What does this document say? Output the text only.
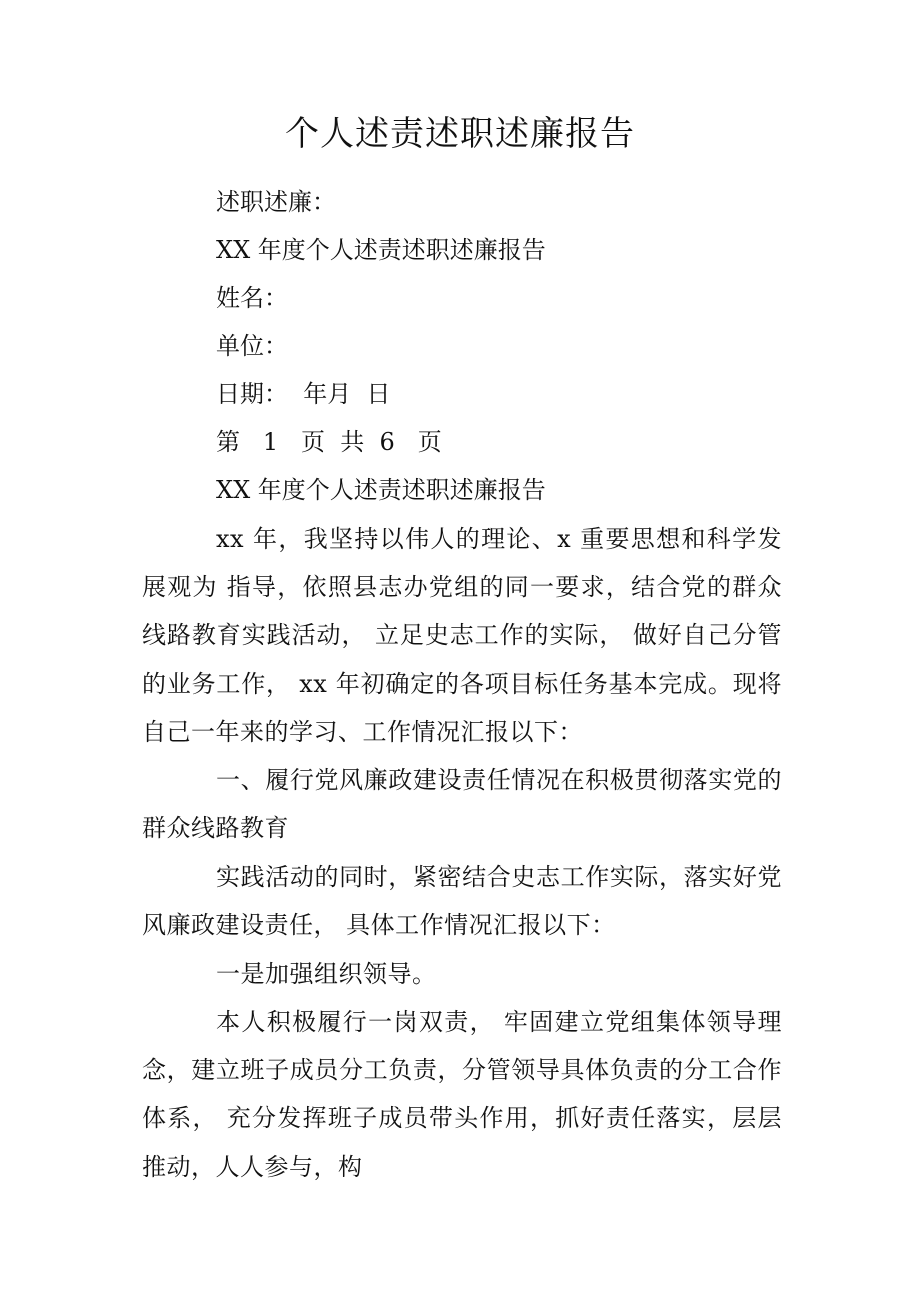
个人述责述职述廉报告
述职述廉：
XX 年度个人述责述职述廉报告
姓名：
单位：
日期：  年月  日
第   1   页  共  6   页
XX 年度个人述责述职述廉报告
xx 年，我坚持以伟人的理论、x 重要思想和科学发展观为 指导，依照县志办党组的同一要求，结合党的群众线路教育实践活动， 立足史志工作的实际， 做好自己分管的业务工作， xx 年初确定的各项目标任务基本完成。现将自己一年来的学习、工作情况汇报以下：
一、履行党风廉政建设责任情况在积极贯彻落实党的群众线路教育
实践活动的同时，紧密结合史志工作实际，落实好党风廉政建设责任， 具体工作情况汇报以下：
一是加强组织领导。
本人积极履行一岗双责， 牢固建立党组集体领导理念，建立班子成员分工负责，分管领导具体负责的分工合作体系， 充分发挥班子成员带头作用，抓好责任落实，层层推动，人人参与，构
